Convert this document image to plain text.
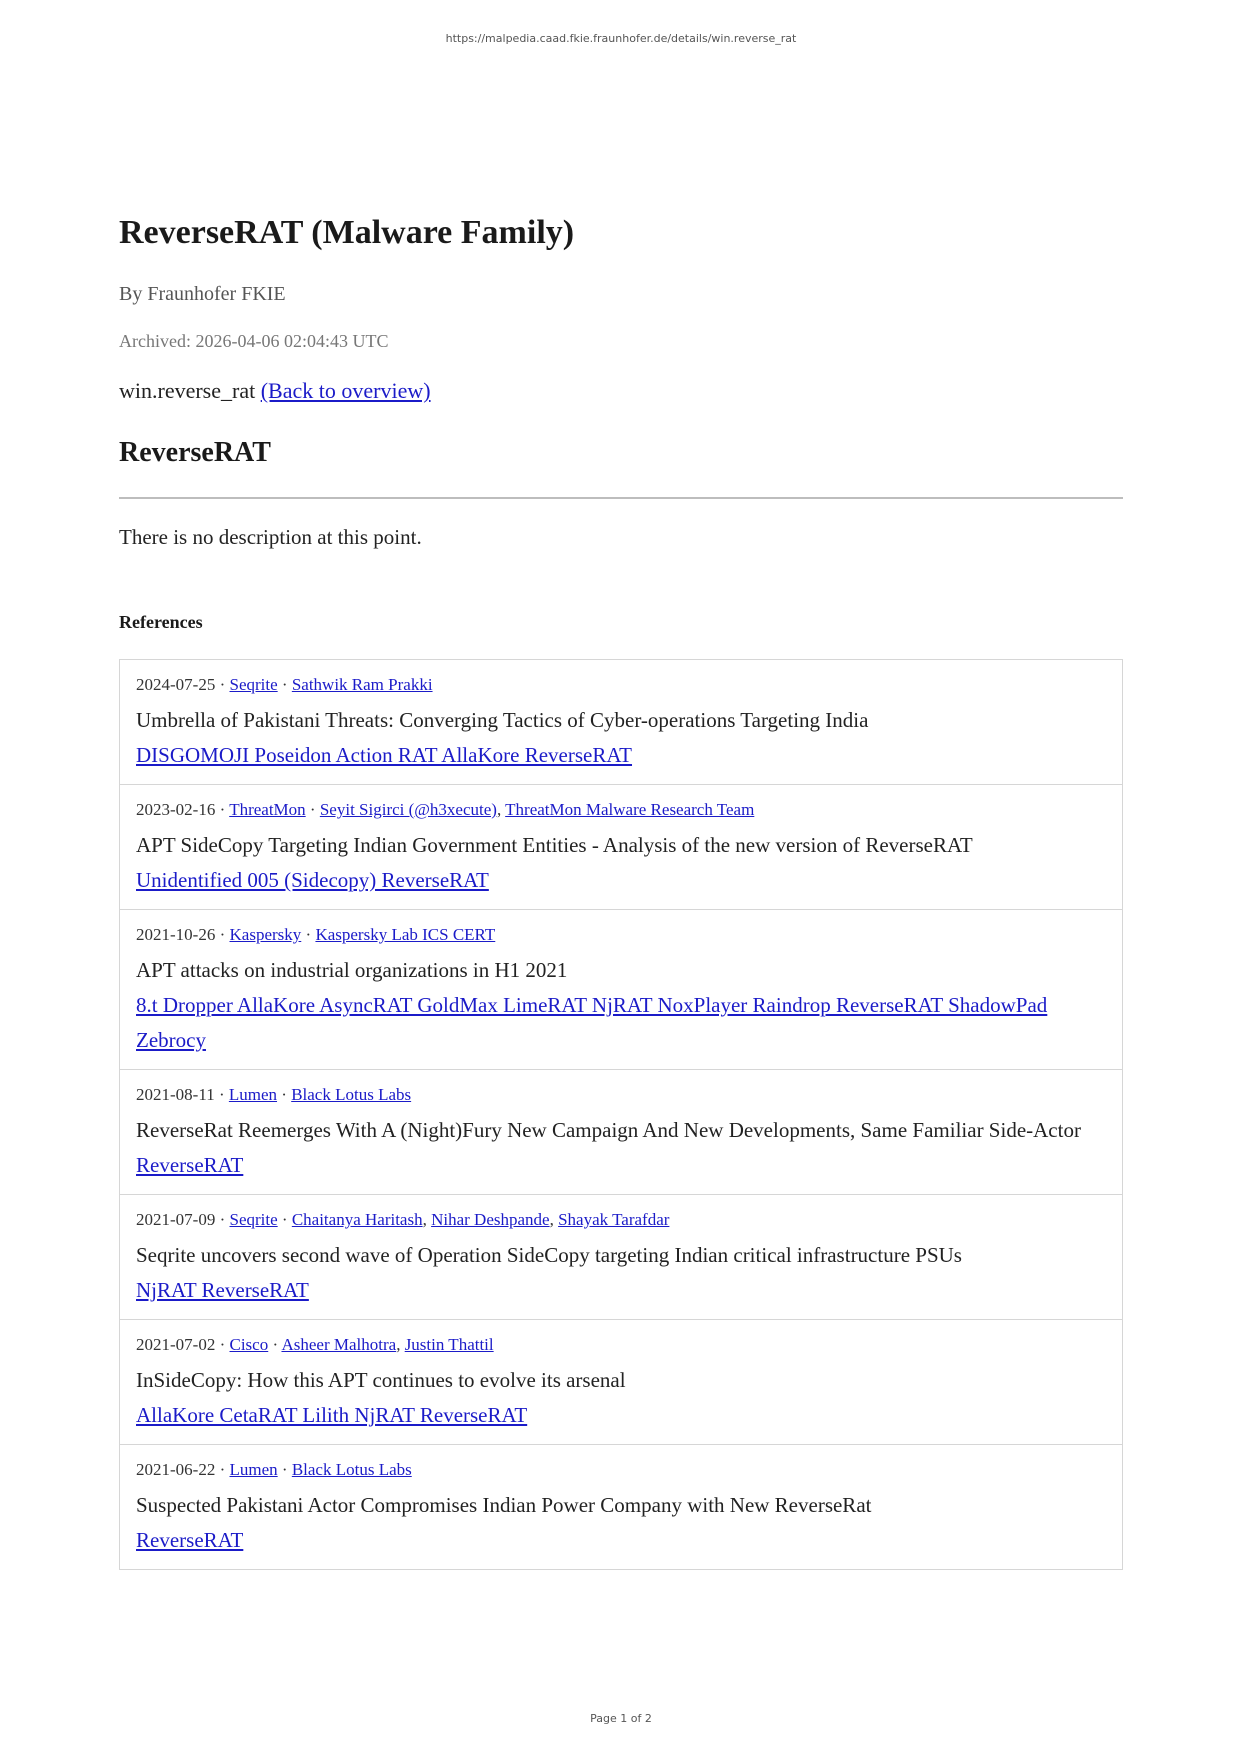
https://malpedia.caad.fkie.fraunhofer.de/details/win.reverse_rat
ReverseRAT (Malware Family)
By Fraunhofer FKIE
Archived: 2026-04-06 02:04:43 UTC
win.reverse_rat (Back to overview)
ReverseRAT
There is no description at this point.
References
2024-07-25 · Seqrite · Sathwik Ram Prakki
Umbrella of Pakistani Threats: Converging Tactics of Cyber-operations Targeting India
DISGOMOJI Poseidon Action RAT AllaKore ReverseRAT
2023-02-16 · ThreatMon · Seyit Sigirci (@h3xecute), ThreatMon Malware Research Team
APT SideCopy Targeting Indian Government Entities - Analysis of the new version of ReverseRAT
Unidentified 005 (Sidecopy) ReverseRAT
2021-10-26 · Kaspersky · Kaspersky Lab ICS CERT
APT attacks on industrial organizations in H1 2021
8.t Dropper AllaKore AsyncRAT GoldMax LimeRAT NjRAT NoxPlayer Raindrop ReverseRAT ShadowPad Zebrocy
2021-08-11 · Lumen · Black Lotus Labs
ReverseRat Reemerges With A (Night)Fury New Campaign And New Developments, Same Familiar Side-Actor
ReverseRAT
2021-07-09 · Seqrite · Chaitanya Haritash, Nihar Deshpande, Shayak Tarafdar
Seqrite uncovers second wave of Operation SideCopy targeting Indian critical infrastructure PSUs
NjRAT ReverseRAT
2021-07-02 · Cisco · Asheer Malhotra, Justin Thattil
InSideCopy: How this APT continues to evolve its arsenal
AllaKore CetaRAT Lilith NjRAT ReverseRAT
2021-06-22 · Lumen · Black Lotus Labs
Suspected Pakistani Actor Compromises Indian Power Company with New ReverseRat
ReverseRAT
Page 1 of 2
